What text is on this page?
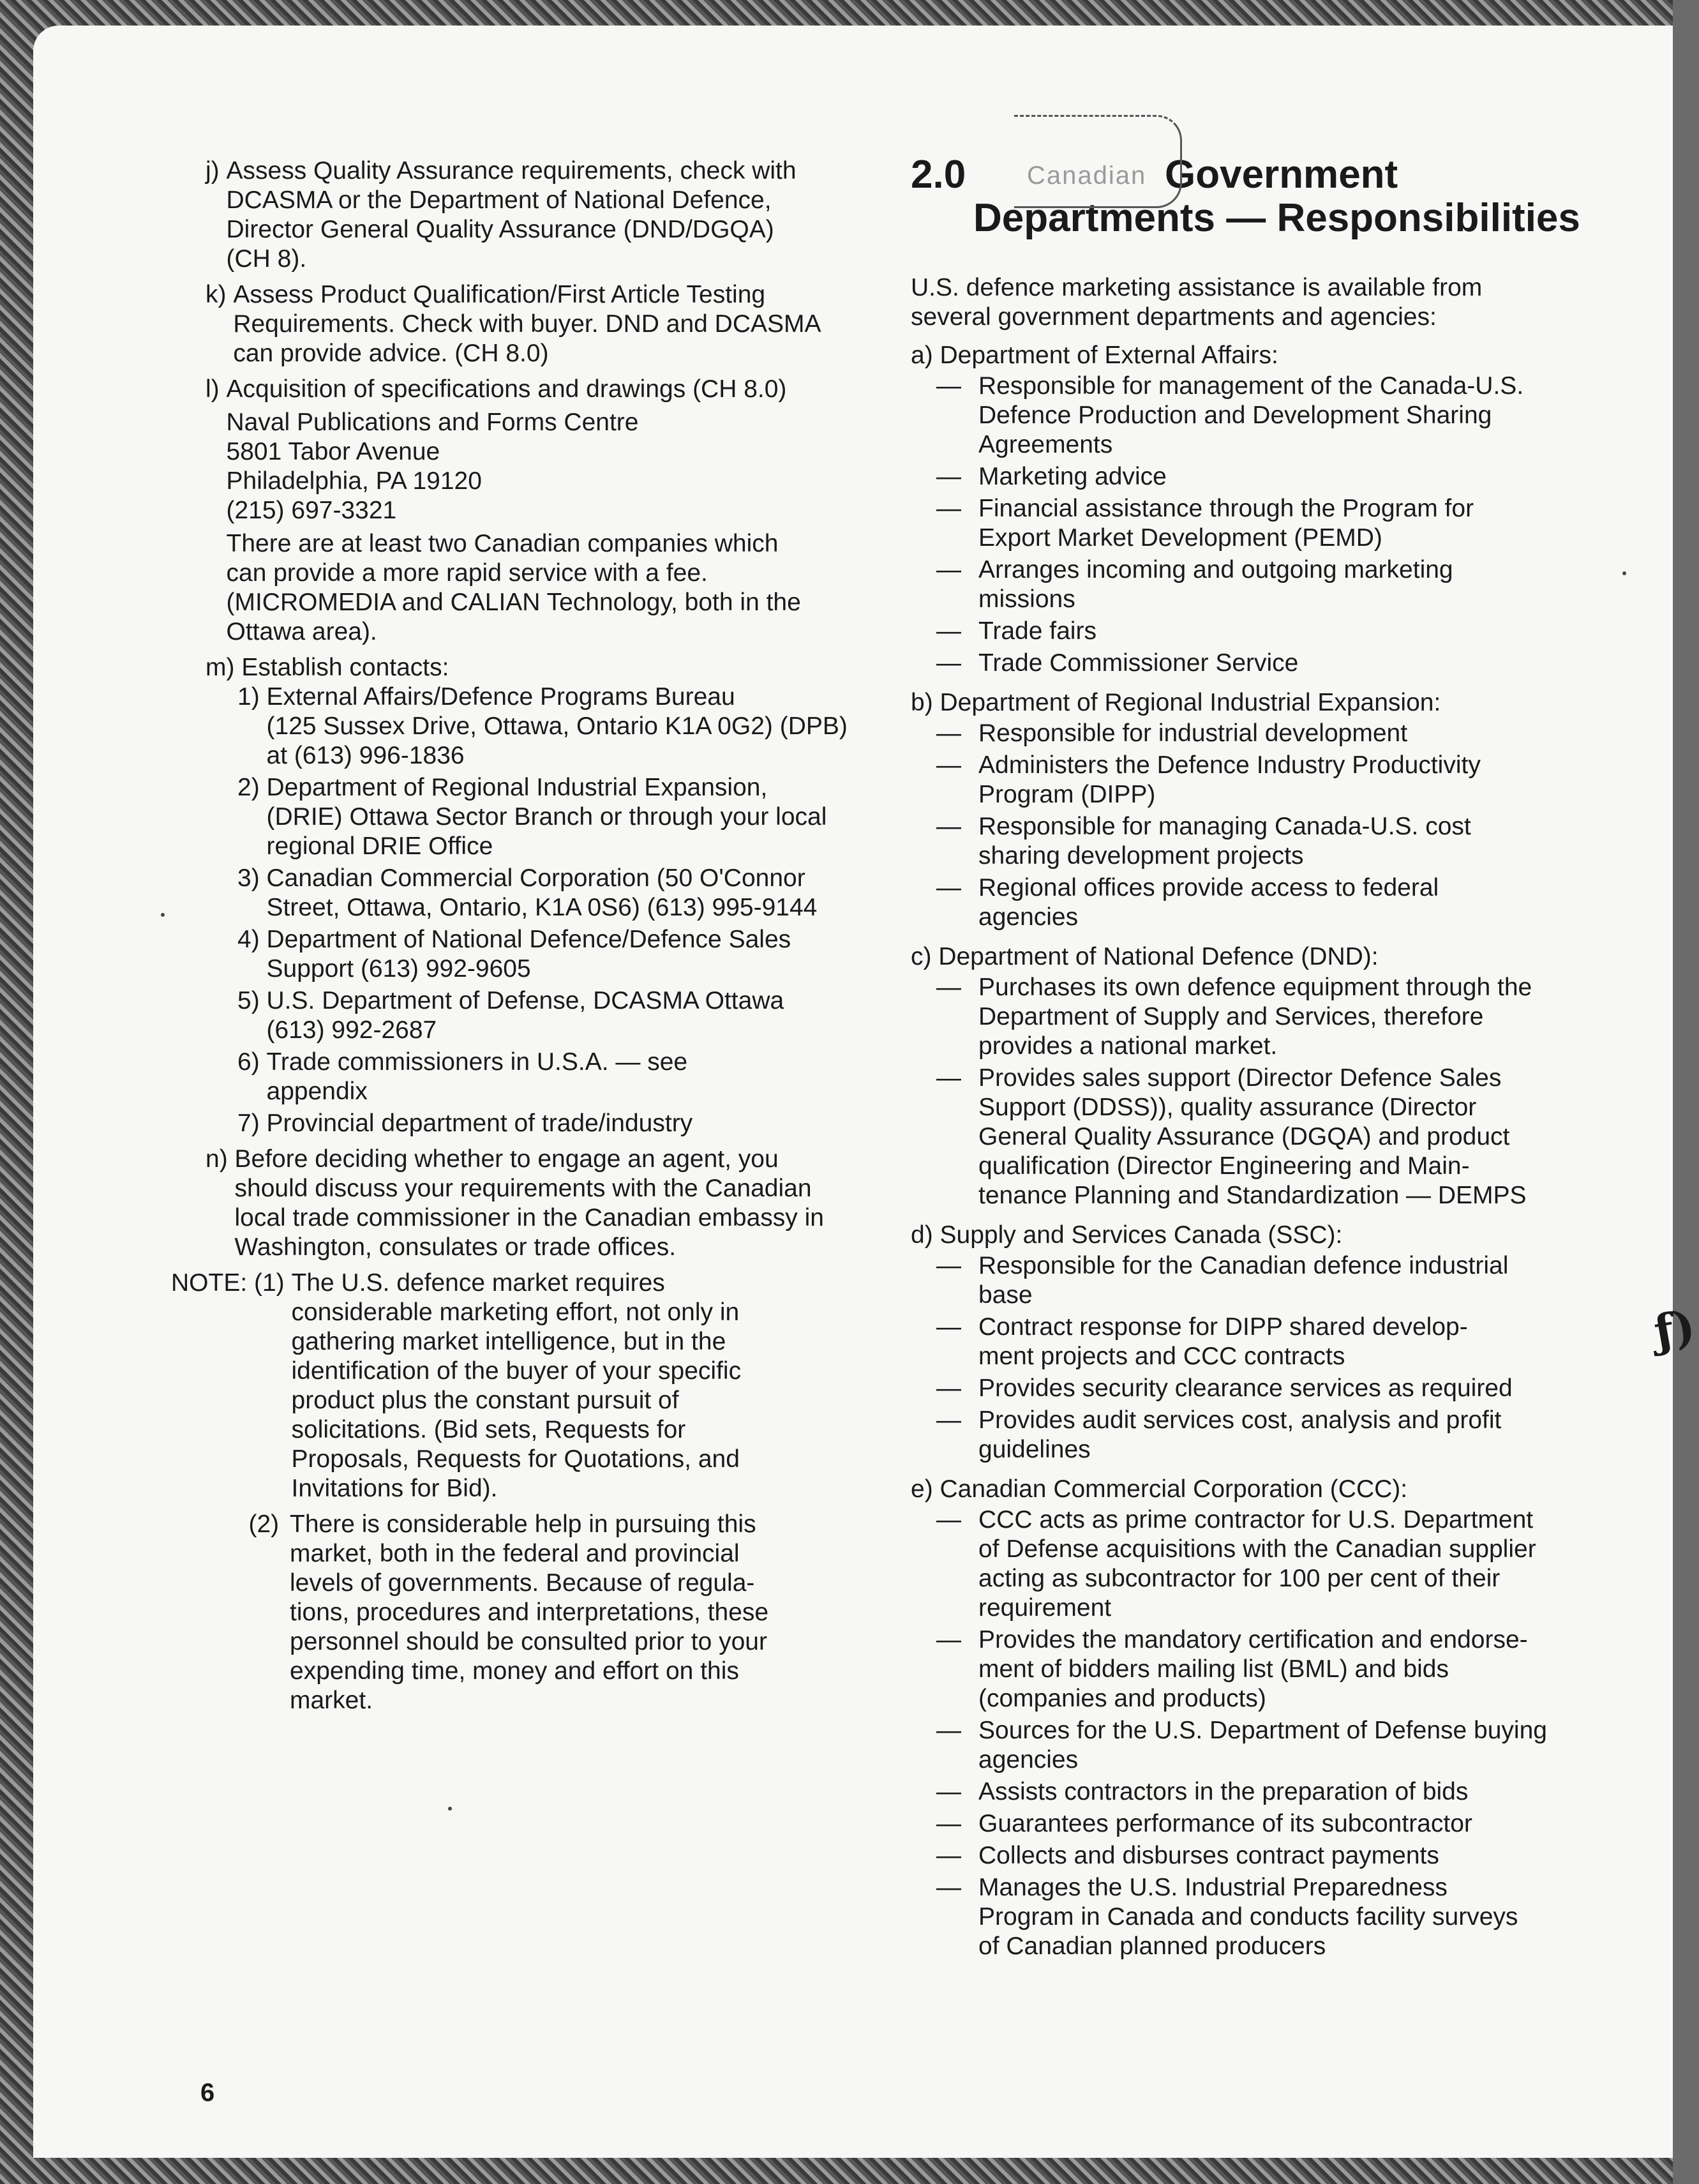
j) Assess Quality Assurance requirements, check with
DCASMA or the Department of National Defence,
Director General Quality Assurance (DND/DGQA)
(CH 8).
k) Assess Product Qualification/First Article Testing
Requirements. Check with buyer. DND and DCASMA
can provide advice. (CH 8.0)
l) Acquisition of specifications and drawings (CH 8.0)
Naval Publications and Forms Centre
5801 Tabor Avenue
Philadelphia, PA 19120
(215) 697-3321
There are at least two Canadian companies which
can provide a more rapid service with a fee.
(MICROMEDIA and CALIAN Technology, both in the
Ottawa area).
m) Establish contacts:
1) External Affairs/Defence Programs Bureau
(125 Sussex Drive, Ottawa, Ontario K1A 0G2) (DPB)
at (613) 996-1836
2) Department of Regional Industrial Expansion,
(DRIE) Ottawa Sector Branch or through your local
regional DRIE Office
3) Canadian Commercial Corporation (50 O'Connor
Street, Ottawa, Ontario, K1A 0S6) (613) 995-9144
4) Department of National Defence/Defence Sales
Support (613) 992-9605
5) U.S. Department of Defense, DCASMA Ottawa
(613) 992-2687
6) Trade commissioners in U.S.A. — see
appendix
7) Provincial department of trade/industry
n) Before deciding whether to engage an agent, you
should discuss your requirements with the Canadian
local trade commissioner in the Canadian embassy in
Washington, consulates or trade offices.
NOTE: (1) The U.S. defence market requires
considerable marketing effort, not only in
gathering market intelligence, but in the
identification of the buyer of your specific
product plus the constant pursuit of
solicitations. (Bid sets, Requests for
Proposals, Requests for Quotations, and
Invitations for Bid).
(2) There is considerable help in pursuing this
market, both in the federal and provincial
levels of governments. Because of regula-
tions, procedures and interpretations, these
personnel should be consulted prior to your
expending time, money and effort on this
market.
Canadian
2.0	Government
Departments — Responsibilities
U.S. defence marketing assistance is available from
several government departments and agencies:
a) Department of External Affairs:
— Responsible for management of the Canada-U.S.
Defence Production and Development Sharing
Agreements
— Marketing advice
— Financial assistance through the Program for
Export Market Development (PEMD)
— Arranges incoming and outgoing marketing
missions
— Trade fairs
— Trade Commissioner Service
b) Department of Regional Industrial Expansion:
— Responsible for industrial development
— Administers the Defence Industry Productivity
Program (DIPP)
— Responsible for managing Canada-U.S. cost
sharing development projects
— Regional offices provide access to federal
agencies
c) Department of National Defence (DND):
— Purchases its own defence equipment through the
Department of Supply and Services, therefore
provides a national market.
— Provides sales support (Director Defence Sales
Support (DDSS)), quality assurance (Director
General Quality Assurance (DGQA) and product
qualification (Director Engineering and Main-
tenance Planning and Standardization — DEMPS
d) Supply and Services Canada (SSC):
— Responsible for the Canadian defence industrial
base
— Contract response for DIPP shared develop-
ment projects and CCC contracts
— Provides security clearance services as required
— Provides audit services cost, analysis and profit
guidelines
e) Canadian Commercial Corporation (CCC):
— CCC acts as prime contractor for U.S. Department
of Defense acquisitions with the Canadian supplier
acting as subcontractor for 100 per cent of their
requirement
— Provides the mandatory certification and endorse-
ment of bidders mailing list (BML) and bids
(companies and products)
— Sources for the U.S. Department of Defense buying
agencies
— Assists contractors in the preparation of bids
— Guarantees performance of its subcontractor
— Collects and disburses contract payments
— Manages the U.S. Industrial Preparedness
Program in Canada and conducts facility surveys
of Canadian planned producers
6
ƒ)
